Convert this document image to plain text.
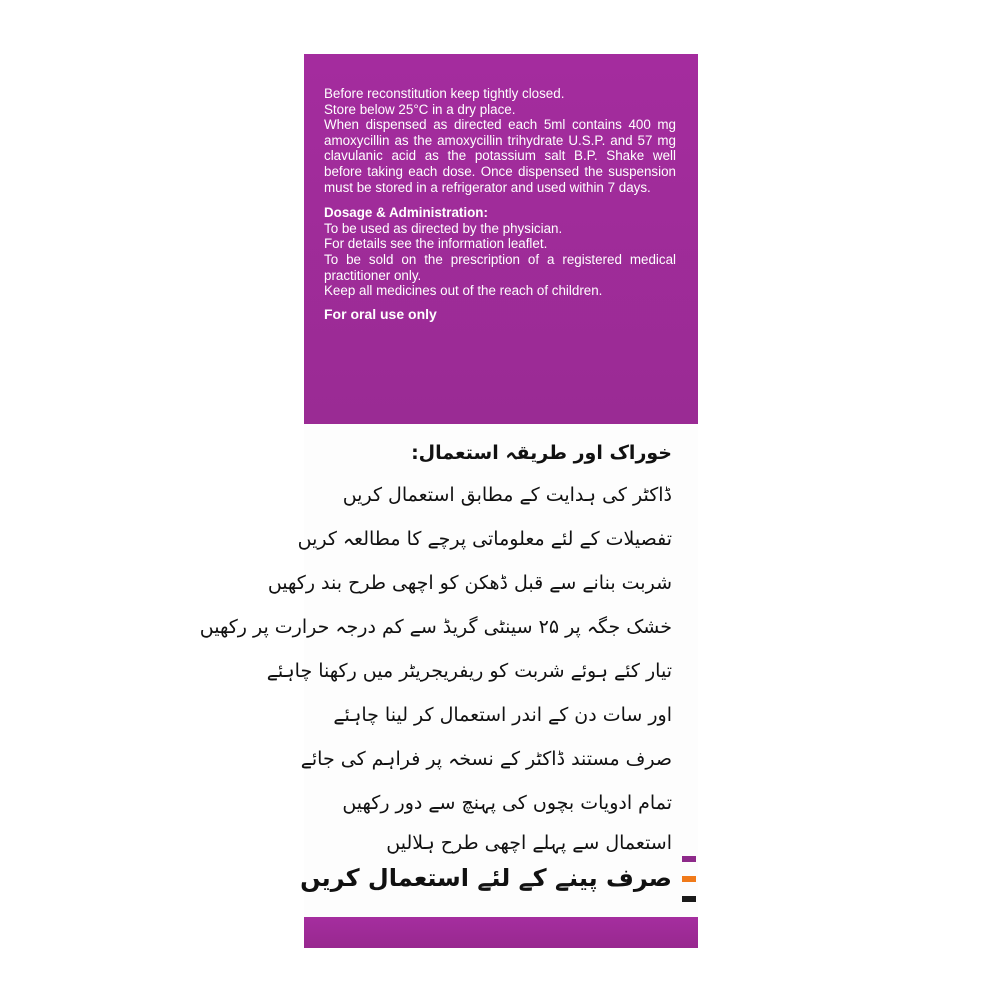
Before reconstitution keep tightly closed.

Store below 25°C in a dry place.

When dispensed as directed each 5ml contains 400 mg amoxycillin as the amoxycillin trihydrate U.S.P. and 57 mg clavulanic acid as the potassium salt B.P. Shake well before taking each dose. Once dispensed the suspension must be stored in a refrigerator and used within 7 days.

Dosage & Administration:

To be used as directed by the physician.

For details see the information leaflet.

To be sold on the prescription of a registered medical practitioner only.

Keep all medicines out of the reach of children.

For oral use only

خوراک اور طریقہ استعمال:
ڈاکٹر کی ہدایت کے مطابق استعمال کریں
تفصیلات کے لئے معلوماتی پرچے کا مطالعہ کریں
شربت بنانے سے قبل ڈھکن کو اچھی طرح بند رکھیں
خشک جگہ پر ۲۵ سینٹی گریڈ سے کم درجہ حرارت پر رکھیں
تیار کئے ہوئے شربت کو ریفریجریٹر میں رکھنا چاہئے
اور سات دن کے اندر استعمال کر لینا چاہئے
صرف مستند ڈاکٹر کے نسخہ پر فراہم کی جائے
تمام ادویات بچوں کی پہنچ سے دور رکھیں
استعمال سے پہلے اچھی طرح ہلالیں
صرف پینے کے لئے استعمال کریں
